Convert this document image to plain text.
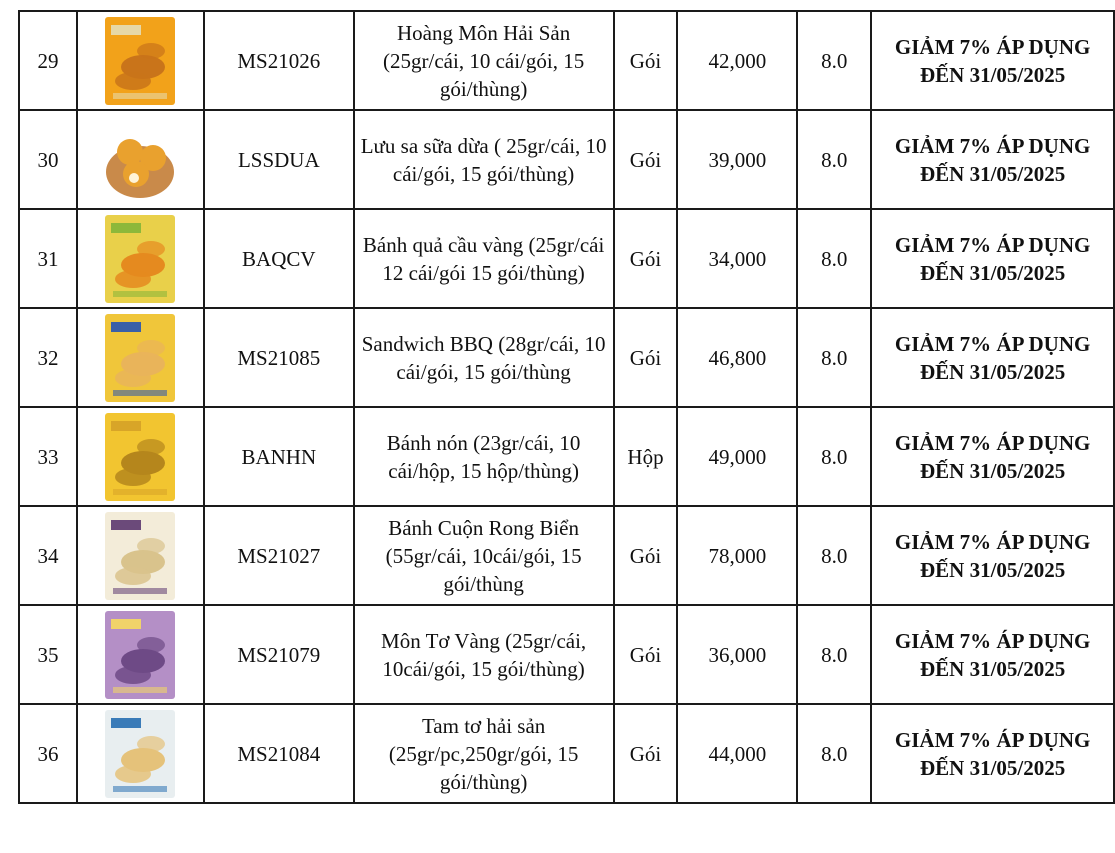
29		MS21026	Hoàng Môn Hải Sản (25gr/cái, 10 cái/gói, 15 gói/thùng)	Gói	42,000	8.0	GIẢM 7% ÁP DỤNG ĐẾN 31/05/2025
30		LSSDUA	Lưu sa sữa dừa ( 25gr/cái, 10 cái/gói, 15 gói/thùng)	Gói	39,000	8.0	GIẢM 7% ÁP DỤNG ĐẾN 31/05/2025
31		BAQCV	Bánh quả cầu vàng (25gr/cái 12 cái/gói 15 gói/thùng)	Gói	34,000	8.0	GIẢM 7% ÁP DỤNG ĐẾN 31/05/2025
32		MS21085	Sandwich BBQ (28gr/cái, 10 cái/gói, 15 gói/thùng	Gói	46,800	8.0	GIẢM 7% ÁP DỤNG ĐẾN 31/05/2025
33		BANHN	Bánh nón (23gr/cái, 10 cái/hộp, 15 hộp/thùng)	Hộp	49,000	8.0	GIẢM 7% ÁP DỤNG ĐẾN 31/05/2025
34		MS21027	Bánh Cuộn Rong Biển (55gr/cái, 10cái/gói, 15 gói/thùng	Gói	78,000	8.0	GIẢM 7% ÁP DỤNG ĐẾN 31/05/2025
35		MS21079	Môn Tơ Vàng (25gr/cái, 10cái/gói, 15 gói/thùng)	Gói	36,000	8.0	GIẢM 7% ÁP DỤNG ĐẾN 31/05/2025
36		MS21084	Tam tơ hải sản (25gr/pc,250gr/gói, 15 gói/thùng)	Gói	44,000	8.0	GIẢM 7% ÁP DỤNG ĐẾN 31/05/2025
